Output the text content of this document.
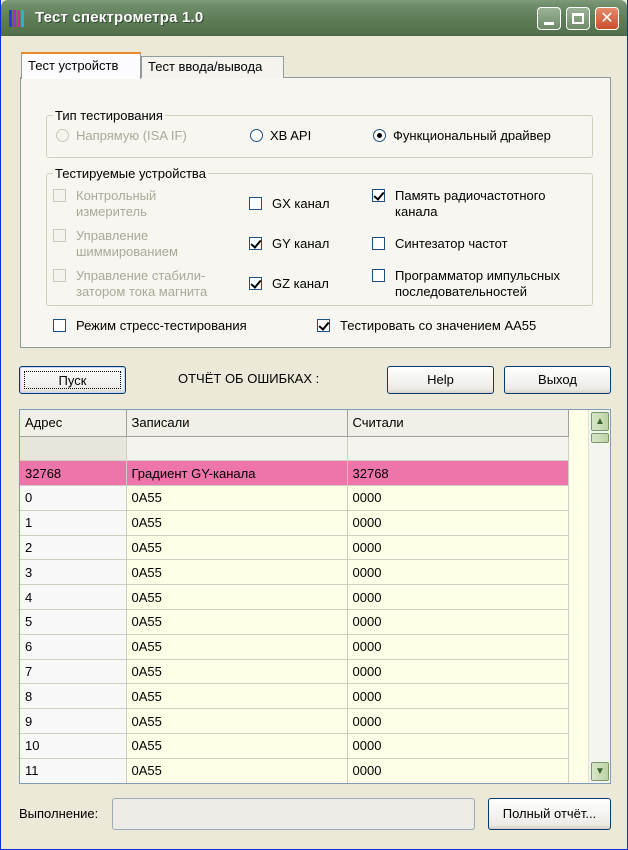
Тест спектрометра 1.0	✕
Тип тестирования
Напрямую (ISA IF)	XB API	Функциональный драйвер
Тестируемые устройства
Контрольный
измеритель
Управление
шиммированием
Управление стабили-
затором тока магнита
GX канал
GY канал
GZ канал
Память радиочастотного
канала
Синтезатор частот
Программатор импульсных
последовательностей
Режим стресс-тестирования	Тестировать со значением AA55
Тест устройств	Тест ввода/вывода
Пуск	ОТЧЁТ ОБ ОШИБКАХ :	Help	Выход
Адрес	Записали	Считали

32768	Градиент GY-канала	32768
0	0A55	0000
1	0A55	0000
2	0A55	0000
3	0A55	0000
4	0A55	0000
5	0A55	0000
6	0A55	0000
7	0A55	0000
8	0A55	0000
9	0A55	0000
10	0A55	0000
11	0A55	0000
▲
▼
Выполнение:	Полный отчёт...
